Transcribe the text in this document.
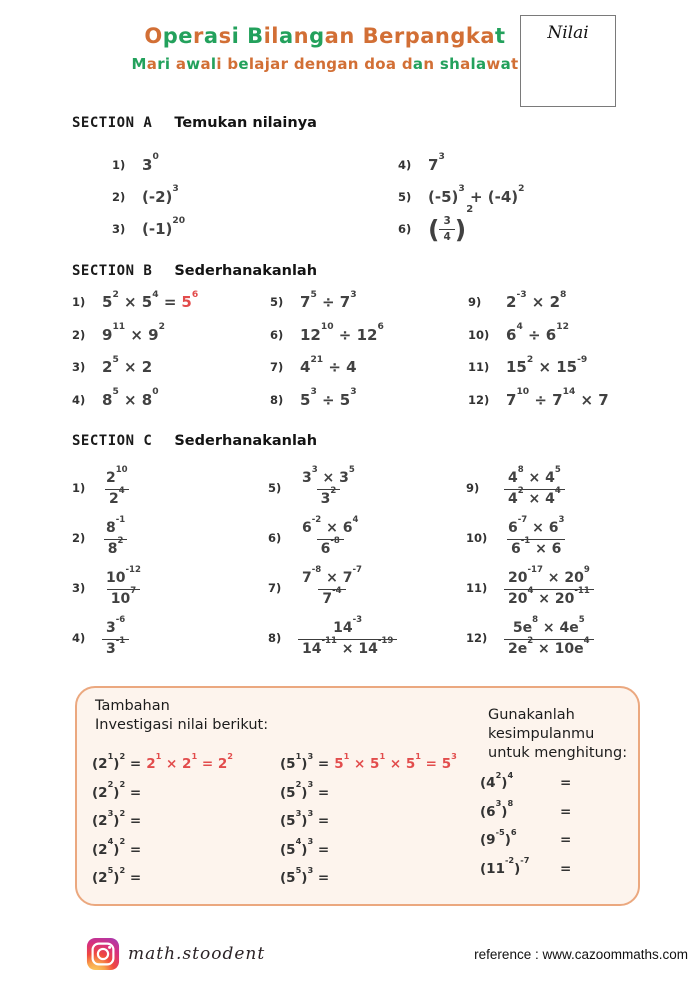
Operasi Bilangan Berpangkat
Mari awali belajar dengan doa dan shalawat
Nilai
SECTION A Temukan nilainya
1)	$3^0$
2)	$(-2)^3$
3)	$(-1)^{20}$
4)	$7^3$
5)	$(-5)^3 + (-4)^2$
6) ( $\frac{3}{4}$ )
$^2$
SECTION B Sederhanakanlah
1)	$5^2 \times 5^4 = 5^6$
2)	$9^{11} \times 9^2$
3)	$2^5 \times 2$
4)	$8^5 \times 8^0$
5)	$7^5 \div 7^3$
6)	$12^{10} \div 12^6$
7)	$4^{21} \div 4$
8)	$5^3 \div 5^3$
9)	$2^{-3} \times 2^8$
10)	$6^4 \div 6^{12}$
11)	$15^2 \times 15^{-9}$
12)	$7^{10} \div 7^{14} \times 7$
SECTION C Sederhanakanlah
1)	$\frac{2^{10}}{2^4}$
2)	$\frac{8^{-1}}{8^2}$
3)	$\frac{10^{-12}}{10^7}$
4)	$\frac{3^{-6}}{3^{-1}}$
5)	$\frac{3^3 \times 3^5}{3^2}$
6)	$\frac{6^{-2} \times 6^4}{6^{-8}}$
7)	$\frac{7^{-8} \times 7^{-7}}{7^{-4}}$
8)	$\frac{14^{-3}}{14^{-11} \times 14^{-19}}$
9)	$\frac{4^8 \times 4^5}{4^2 \times 4^4}$
10)	$\frac{6^{-7} \times 6^3}{6^{-1} \times 6}$
11)	$\frac{20^{-17} \times 20^9}{20^4 \times 20^{-11}}$
12)	$\frac{5e^8 \times 4e^5}{2e^2 \times 10e^4}$
Tambahan
Investigasi nilai berikut:
$(2^1)^2 = 2^1 \times 2^1 = 2^2$
$(2^2)^2$ =
$(2^3)^2$ =
$(2^4)^2$ =
$(2^5)^2$ =
$(5^1)^3 = 5^1 \times 5^1 \times 5^1 = 5^3$
$(5^2)^3$ =
$(5^3)^3$ =
$(5^4)^3$ =
$(5^5)^3$ =
Gunakanlah kesimpulanmu
untuk menghitung:
$(4^2)^4$
=
$(6^3)^8$
=
$(9^{-5})^6$
=
$(11^{-2})^{-7}$
=
math.stoodent	reference : www.cazoommaths.com
